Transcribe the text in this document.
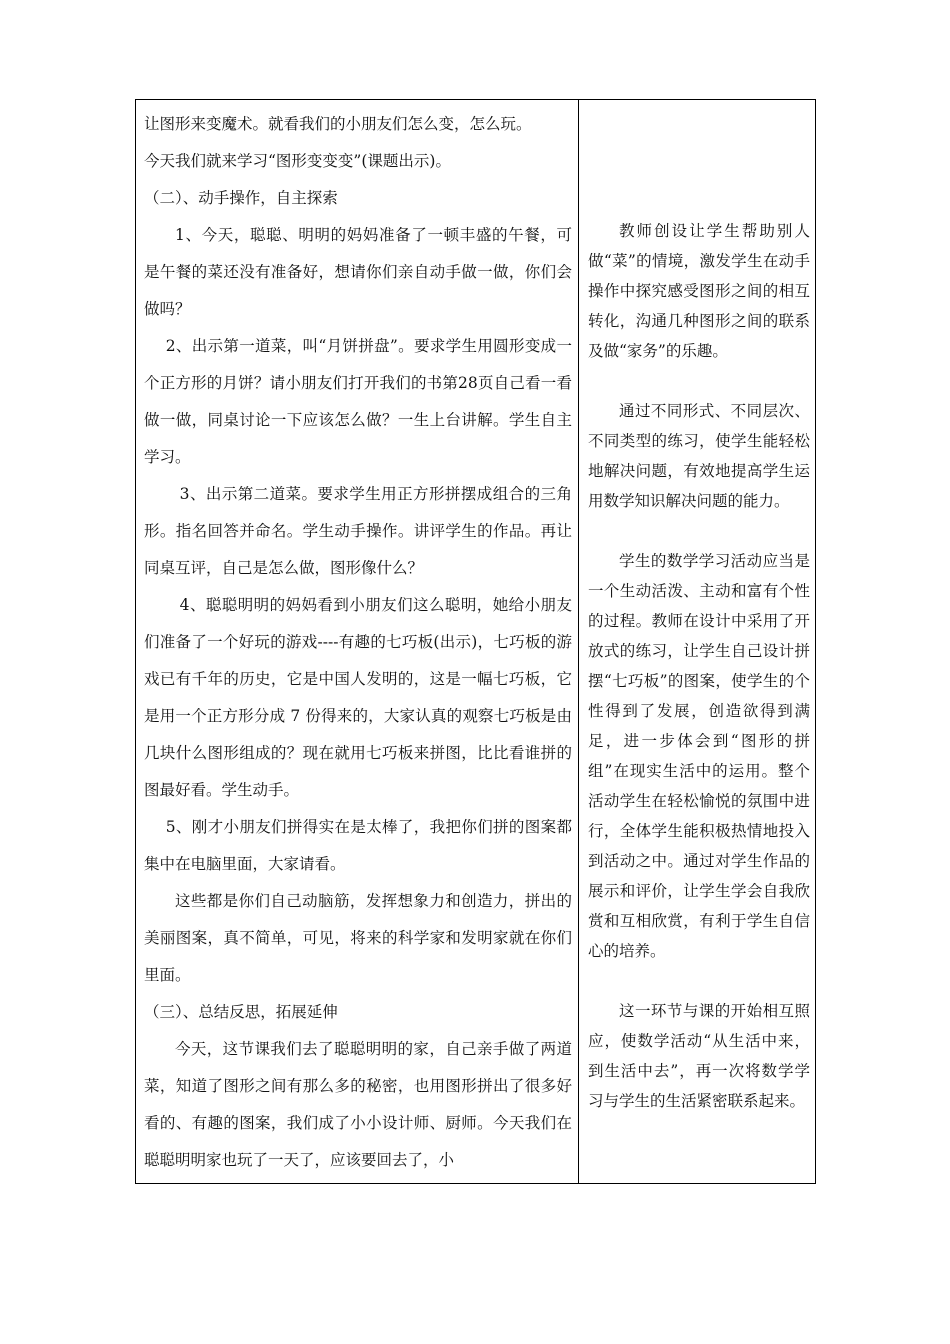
让图形来变魔术。就看我们的小朋友们怎么变，怎么玩。

今天我们就来学习“图形变变变”(课题出示)。

（二）、动手操作，自主探索

1、今天，聪聪、明明的妈妈准备了一顿丰盛的午餐，可是午餐的菜还没有准备好，想请你们亲自动手做一做，你们会做吗？

2、出示第一道菜，叫“月饼拼盘”。要求学生用圆形变成一个正方形的月饼？请小朋友们打开我们的书第28页自己看一看做一做，同桌讨论一下应该怎么做？一生上台讲解。学生自主学习。

3、出示第二道菜。要求学生用正方形拼摆成组合的三角形。指名回答并命名。学生动手操作。讲评学生的作品。再让同桌互评，自己是怎么做，图形像什么？

4、聪聪明明的妈妈看到小朋友们这么聪明，她给小朋友们准备了一个好玩的游戏----有趣的七巧板(出示)，七巧板的游戏已有千年的历史，它是中国人发明的，这是一幅七巧板，它是用一个正方形分成 7 份得来的，大家认真的观察七巧板是由几块什么图形组成的？现在就用七巧板来拼图，比比看谁拼的图最好看。学生动手。

5、刚才小朋友们拼得实在是太棒了，我把你们拼的图案都集中在电脑里面，大家请看。

这些都是你们自己动脑筋，发挥想象力和创造力，拼出的美丽图案，真不简单，可见，将来的科学家和发明家就在你们里面。

（三）、总结反思，拓展延伸

今天，这节课我们去了聪聪明明的家，自己亲手做了两道菜，知道了图形之间有那么多的秘密，也用图形拼出了很多好看的、有趣的图案，我们成了小小设计师、厨师。今天我们在聪聪明明家也玩了一天了，应该要回去了，小

教师创设让学生帮助别人做“菜”的情境，激发学生在动手操作中探究感受图形之间的相互转化，沟通几种图形之间的联系及做“家务”的乐趣。

通过不同形式、不同层次、不同类型的练习，使学生能轻松地解决问题，有效地提高学生运用数学知识解决问题的能力。

学生的数学学习活动应当是一个生动活泼、主动和富有个性的过程。教师在设计中采用了开放式的练习，让学生自己设计拼摆“七巧板”的图案，使学生的个性得到了发展，创造欲得到满足，进一步体会到“图形的拼组”在现实生活中的运用。整个活动学生在轻松愉悦的氛围中进行，全体学生能积极热情地投入到活动之中。通过对学生作品的展示和评价，让学生学会自我欣赏和互相欣赏，有利于学生自信心的培养。

这一环节与课的开始相互照应，使数学活动“从生活中来，到生活中去”，再一次将数学学习与学生的生活紧密联系起来。
